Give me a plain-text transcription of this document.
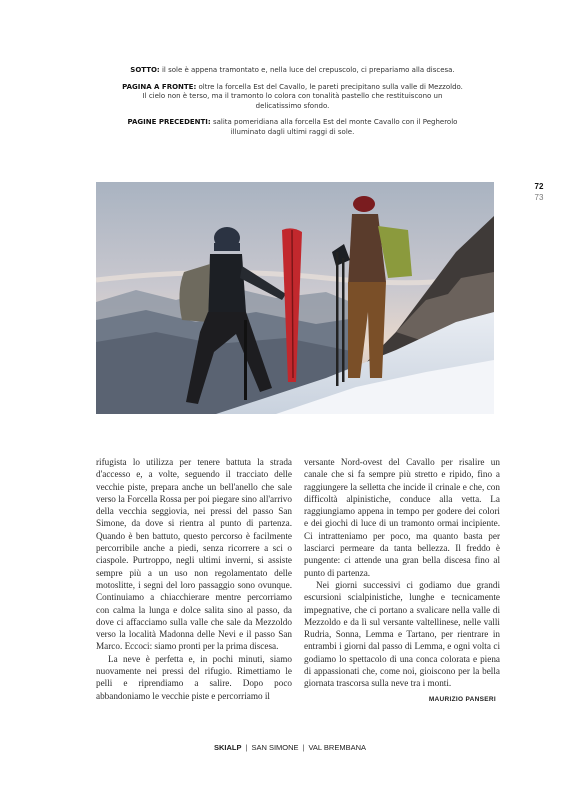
SOTTO: il sole è appena tramontato e, nella luce del crepuscolo, ci prepariamo alla discesa.

PAGINA A FRONTE: oltre la forcella Est del Cavallo, le pareti precipitano sulla valle di Mezzoldo. Il cielo non è terso, ma il tramonto lo colora con tonalità pastello che restituiscono un delicatissimo sfondo.

PAGINE PRECEDENTI: salita pomeridiana alla forcella Est del monte Cavallo con il Pegherolo illuminato dagli ultimi raggi di sole.

72
73

rifugista lo utilizza per tenere battuta la strada d'accesso e, a volte, seguendo il tracciato delle vecchie piste, prepara anche un bell'anello che sale verso la Forcella Rossa per poi piegare sino all'arrivo della vecchia seggiovia, nei pressi del passo San Simone, da dove si rientra al punto di partenza. Quando è ben battuto, questo percorso è facilmente percorribile anche a piedi, senza ricorrere a sci o ciaspole. Purtroppo, negli ultimi inverni, si assiste sempre più a un uso non regolamentato delle motoslitte, i segni del loro passaggio sono ovunque. Continuiamo a chiacchierare mentre percorriamo con calma la lunga e dolce salita sino al passo, da dove ci affacciamo sulla valle che sale da Mezzoldo verso la località Madonna delle Nevi e il passo San Marco. Eccoci: siamo pronti per la prima discesa.

La neve è perfetta e, in pochi minuti, siamo nuovamente nei pressi del rifugio. Rimettiamo le pelli e riprendiamo a salire. Dopo poco abbandoniamo le vecchie piste e percorriamo il

versante Nord-ovest del Cavallo per risalire un canale che si fa sempre più stretto e ripido, fino a raggiungere la selletta che incide il crinale e che, con difficoltà alpinistiche, conduce alla vetta. La raggiungiamo appena in tempo per godere dei colori e dei giochi di luce di un tramonto ormai incipiente. Ci intratteniamo per poco, ma quanto basta per lasciarci permeare da tanta bellezza. Il freddo è pungente: ci attende una gran bella discesa fino al punto di partenza.

Nei giorni successivi ci godiamo due grandi escursioni scialpinistiche, lunghe e tecnicamente impegnative, che ci portano a svalicare nella valle di Mezzoldo e da lì sul versante valtellinese, nelle valli Rudria, Sonna, Lemma e Tartano, per rientrare in entrambi i giorni dal passo di Lemma, e ogni volta ci godiamo lo spettacolo di una conca colorata e piena di appassionati che, come noi, gioiscono per la bella giornata trascorsa sulla neve tra i monti.

MAURIZIO PANSERI
SKIALP | SAN SIMONE | VAL BREMBANA
